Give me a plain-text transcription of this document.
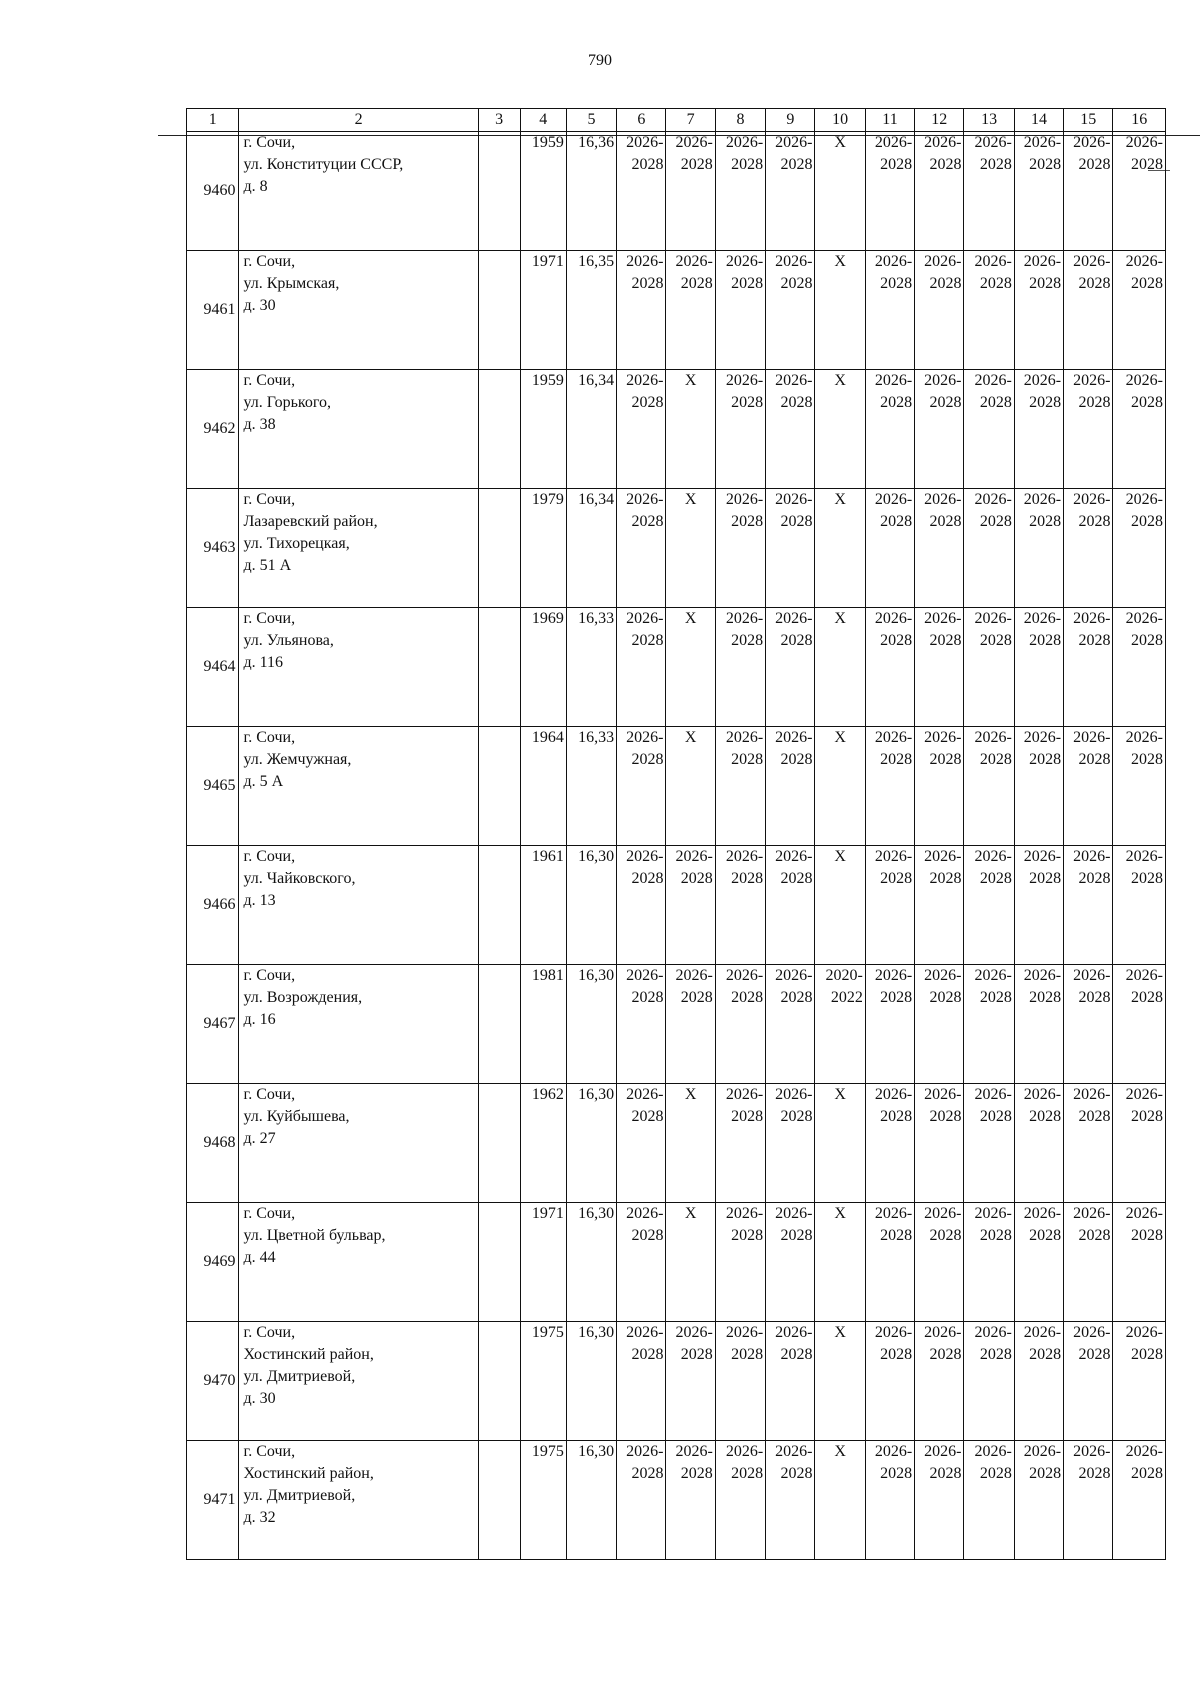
790
1	2	3	4	5	6	7	8	9	10	11	12	13	14	15	16
9460	г. Сочи,
ул. Конституции СССР,
д. 8		1959	16,36	2026-
2028	2026-
2028	2026-
2028	2026-
2028	X	2026-
2028	2026-
2028	2026-
2028	2026-
2028	2026-
2028	2026-
2028

9461	г. Сочи,
ул. Крымская,
д. 30		1971	16,35	2026-
2028	2026-
2028	2026-
2028	2026-
2028	X	2026-
2028	2026-
2028	2026-
2028	2026-
2028	2026-
2028	2026-
2028

9462	г. Сочи,
ул. Горького,
д. 38		1959	16,34	2026-
2028	X	2026-
2028	2026-
2028	X	2026-
2028	2026-
2028	2026-
2028	2026-
2028	2026-
2028	2026-
2028

9463	г. Сочи,
Лазаревский район,
ул. Тихорецкая,
д. 51 А		1979	16,34	2026-
2028	X	2026-
2028	2026-
2028	X	2026-
2028	2026-
2028	2026-
2028	2026-
2028	2026-
2028	2026-
2028

9464	г. Сочи,
ул. Ульянова,
д. 116		1969	16,33	2026-
2028	X	2026-
2028	2026-
2028	X	2026-
2028	2026-
2028	2026-
2028	2026-
2028	2026-
2028	2026-
2028

9465	г. Сочи,
ул. Жемчужная,
д. 5 А		1964	16,33	2026-
2028	X	2026-
2028	2026-
2028	X	2026-
2028	2026-
2028	2026-
2028	2026-
2028	2026-
2028	2026-
2028

9466	г. Сочи,
ул. Чайковского,
д. 13		1961	16,30	2026-
2028	2026-
2028	2026-
2028	2026-
2028	X	2026-
2028	2026-
2028	2026-
2028	2026-
2028	2026-
2028	2026-
2028

9467	г. Сочи,
ул. Возрождения,
д. 16		1981	16,30	2026-
2028	2026-
2028	2026-
2028	2026-
2028	2020-
2022	2026-
2028	2026-
2028	2026-
2028	2026-
2028	2026-
2028	2026-
2028

9468	г. Сочи,
ул. Куйбышева,
д. 27		1962	16,30	2026-
2028	X	2026-
2028	2026-
2028	X	2026-
2028	2026-
2028	2026-
2028	2026-
2028	2026-
2028	2026-
2028

9469	г. Сочи,
ул. Цветной бульвар,
д. 44		1971	16,30	2026-
2028	X	2026-
2028	2026-
2028	X	2026-
2028	2026-
2028	2026-
2028	2026-
2028	2026-
2028	2026-
2028

9470	г. Сочи,
Хостинский район,
ул. Дмитриевой,
д. 30		1975	16,30	2026-
2028	2026-
2028	2026-
2028	2026-
2028	X	2026-
2028	2026-
2028	2026-
2028	2026-
2028	2026-
2028	2026-
2028

9471	г. Сочи,
Хостинский район,
ул. Дмитриевой,
д. 32		1975	16,30	2026-
2028	2026-
2028	2026-
2028	2026-
2028	X	2026-
2028	2026-
2028	2026-
2028	2026-
2028	2026-
2028	2026-
2028
